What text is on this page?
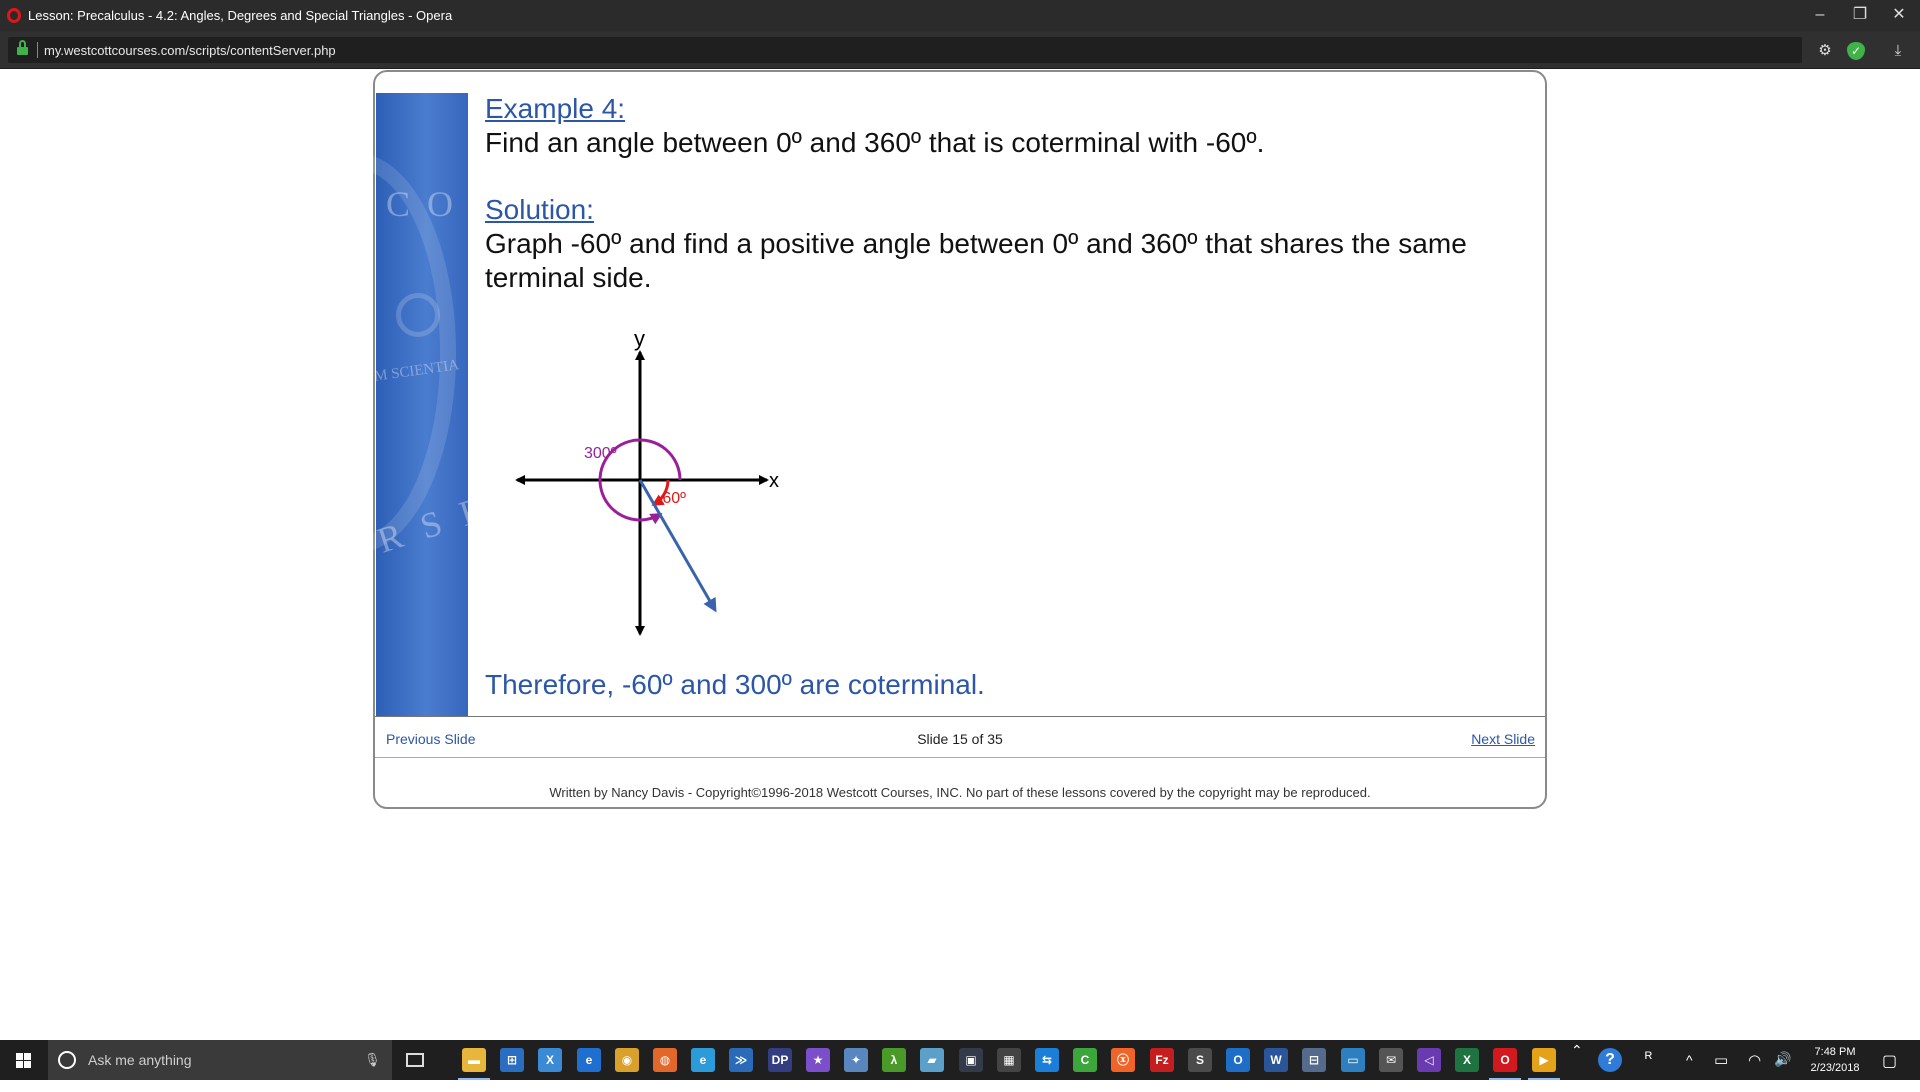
Lesson: Precalculus - 4.2: Angles, Degrees and Special Triangles - Opera	–	❐	✕
my.westcottcourses.com/scripts/contentServer.php	⚙	✓	⤓
C O
M SCIENTIA
R S E
Example 4:
Find an angle between 0º and 360º that is coterminal with -60º.
Solution:
Graph -60º and find a positive angle between 0º and 360º that shares the same terminal side.
y
x
300º
-60º
Therefore, -60º and 300º are coterminal.
Previous Slide	Slide 15 of 35	Next Slide
Written by Nancy Davis - Copyright©1996-2018 Westcott Courses, INC. No part of these lessons covered by the copyright may be reproduced.
Ask me anything	🎙	▬	⊞	X	e	◉	◍	e	≫	DP	★	✦	λ	▰	▣	▦	⇆	C	ⓧ	Fz	S	O	W	⊟	▭	✉	◁	X	O	▶
⌃
?	ᴿ ^ ▭ ◠ 🔊	7:48 PM
2/23/2018	▢
